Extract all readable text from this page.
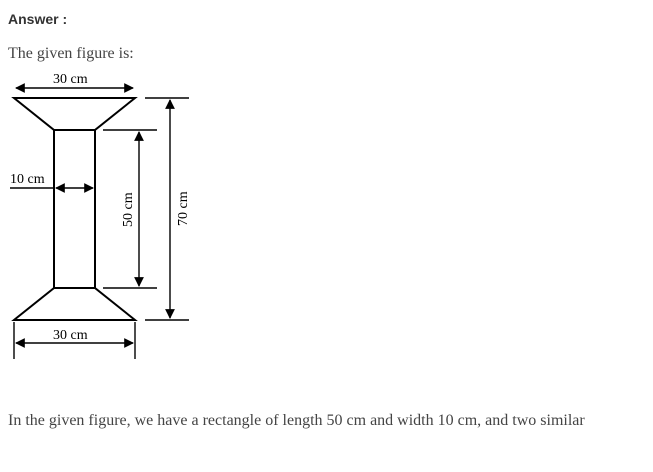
Answer :
The given figure is:
30 cm
10 cm
50 cm	70 cm
30 cm
In the given figure, we have a rectangle of length 50 cm and width 10 cm, and two similar
